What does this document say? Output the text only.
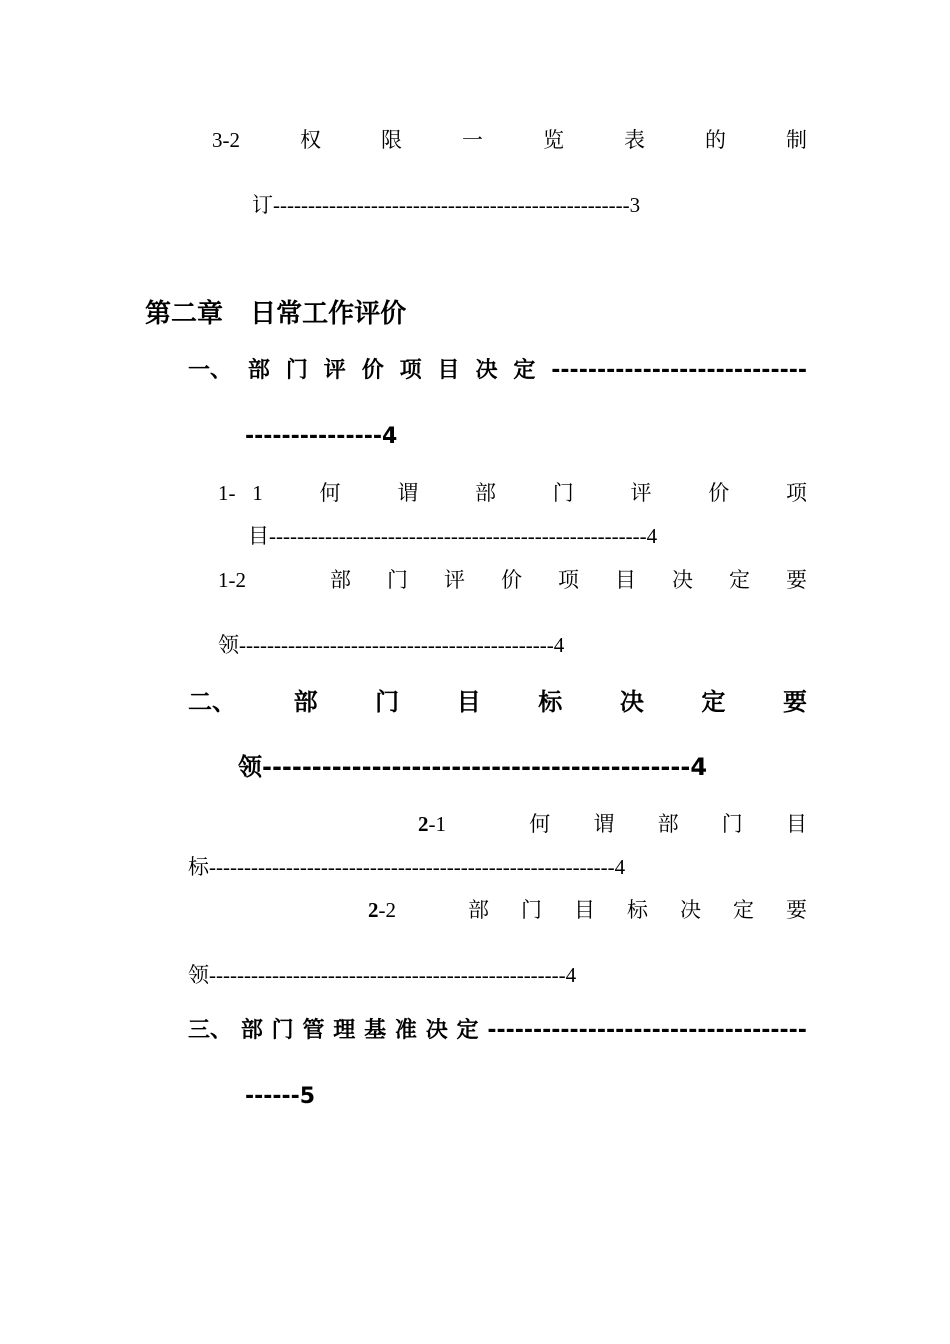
3-2	权	限	一	览	表	的	制
订---------------------------------------------------3
第二章   日常工作评价
一、 部 门 评 价 项 目 决 定 ----------------------------
---------------4
1- 1	何	谓	部	门	评	价	项
目------------------------------------------------------4
1-2	部 门 评 价 项 目 决 定 要
领---------------------------------------------4
二、 部 门 目 标 决 定 要
领-------------------------------------------4
2-1	何 谓 部 门 目
标----------------------------------------------------------4
2-2	部 门 目 标 决 定 要
领---------------------------------------------------4
三、 部 门 管 理 基 准 决 定 -----------------------------------
------5
